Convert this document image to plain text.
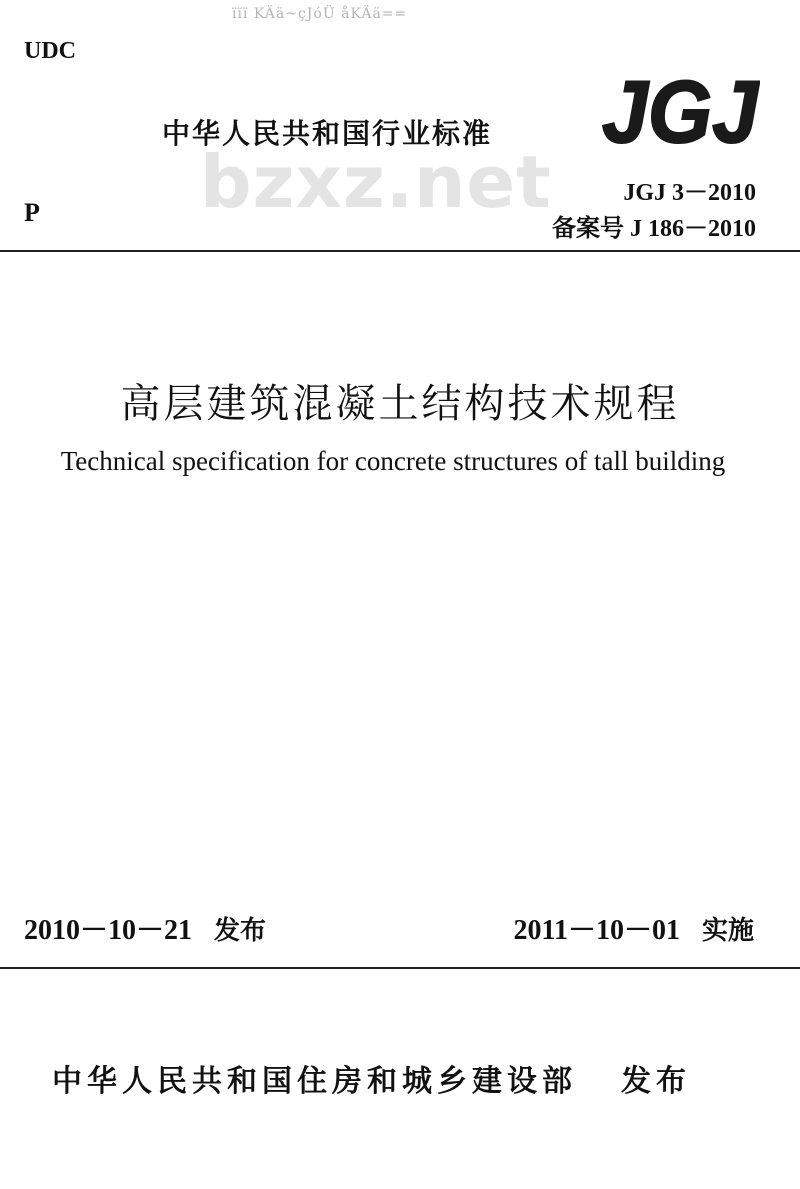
ïïï KÄä~çJóÜ åKÄä==
UDC
中华人民共和国行业标准 JGJ
bzxz.net	JGJ 3－2010
备案号 J 186－2010
P
高层建筑混凝土结构技术规程
Technical specification for concrete structures of tall building
2010－10－21 发布	2011－10－01 实施
中华人民共和国住房和城乡建设部 发布
